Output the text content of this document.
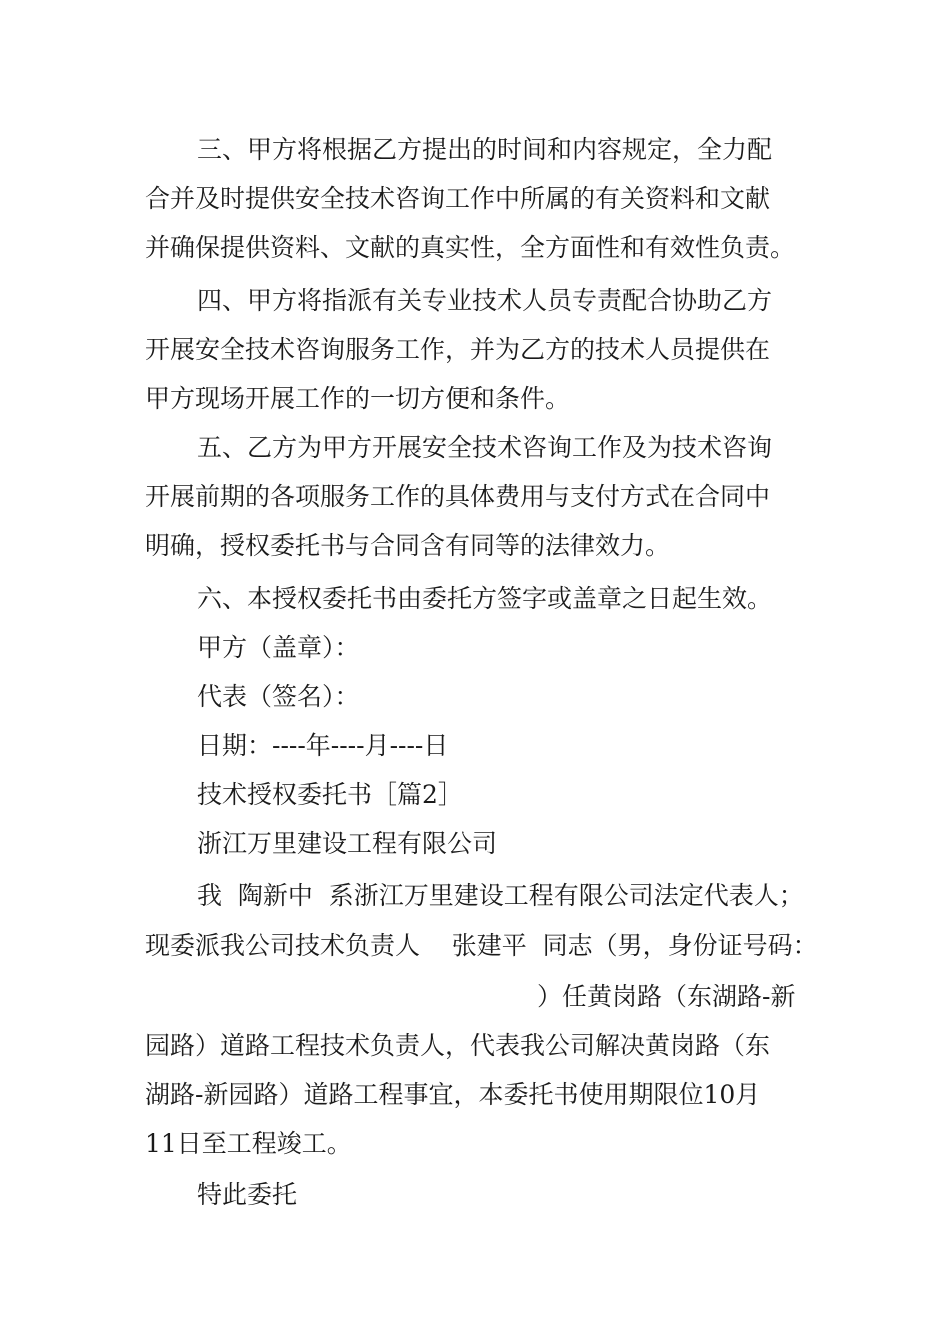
三、甲方将根据乙方提出的时间和内容规定，全力配
合并及时提供安全技术咨询工作中所属的有关资料和文献
并确保提供资料、文献的真实性，全方面性和有效性负责。
四、甲方将指派有关专业技术人员专责配合协助乙方
开展安全技术咨询服务工作，并为乙方的技术人员提供在
甲方现场开展工作的一切方便和条件。
五、乙方为甲方开展安全技术咨询工作及为技术咨询
开展前期的各项服务工作的具体费用与支付方式在合同中
明确，授权委托书与合同含有同等的法律效力。
六、本授权委托书由委托方签字或盖章之日起生效。
甲方（盖章）：
代表（签名）：
日期：----年----月----日
技术授权委托书［篇2］
浙江万里建设工程有限公司
我  陶新中  系浙江万里建设工程有限公司法定代表人；
现委派我公司技术负责人    张建平  同志（男，身份证号码：
）任黄岗路（东湖路-新
园路）道路工程技术负责人，代表我公司解决黄岗路（东
湖路-新园路）道路工程事宜，本委托书使用期限位10月
11日至工程竣工。
特此委托
